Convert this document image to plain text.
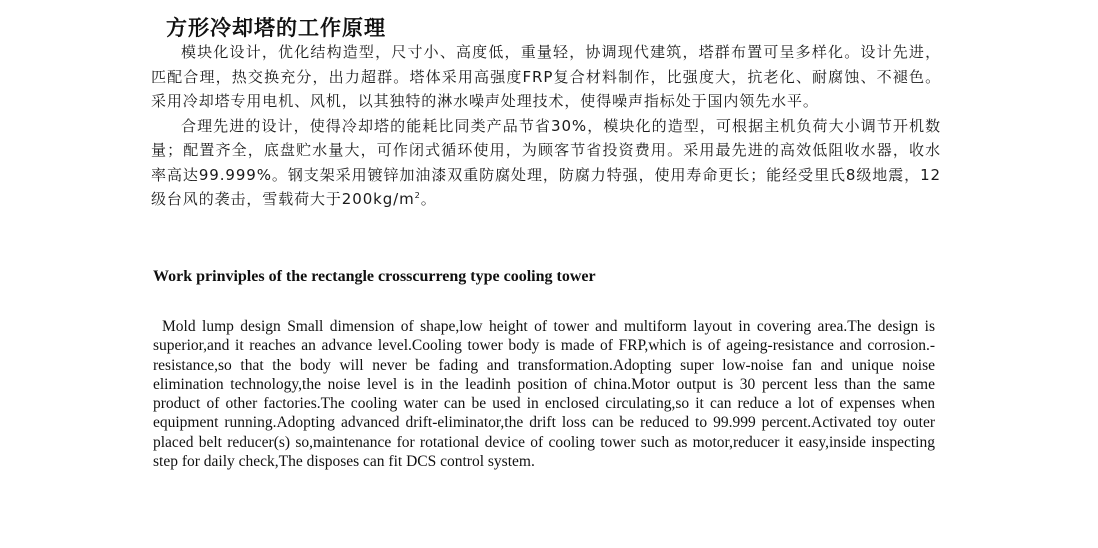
方形冷却塔的工作原理

模块化设计，优化结构造型，尺寸小、高度低，重量轻，协调现代建筑，塔群布置可呈多样化。设计先进，匹配合理，热交换充分，出力超群。塔体采用高强度FRP复合材料制作，比强度大，抗老化、耐腐蚀、不褪色。采用冷却塔专用电机、风机，以其独特的淋水噪声处理技术，使得噪声指标处于国内领先水平。

合理先进的设计，使得冷却塔的能耗比同类产品节省30%，模块化的造型，可根据主机负荷大小调节开机数量；配置齐全，底盘贮水量大，可作闭式循环使用，为顾客节省投资费用。采用最先进的高效低阻收水器，收水率高达99.999%。钢支架采用镀锌加油漆双重防腐处理，防腐力特强，使用寿命更长；能经受里氏8级地震，12级台风的袭击，雪载荷大于$200kg/m^2$。

Work prinviples of the rectangle crosscurreng type cooling tower

Mold lump design Small dimension of shape,low height of tower and multiform layout in covering area.The design is superior,and it reaches an advance level.Cooling tower body is made of FRP,which is of ageing-resistance and corrosion.-resistance,so that the body will never be fading and transformation.Adopting super low-noise fan and unique noise elimination technology,the noise level is in the leadinh position of china.Motor output is 30 percent less than the same product of other factories.The cooling water can be used in enclosed circulating,so it can reduce a lot of expenses when equipment running.Adopting advanced drift-eliminator,the drift loss can be reduced to 99.999 percent.Activated toy outer placed belt reducer(s) so,maintenance for rotational device of cooling tower such as motor,reducer it easy,inside inspecting step for daily check,The disposes can fit DCS control system.
